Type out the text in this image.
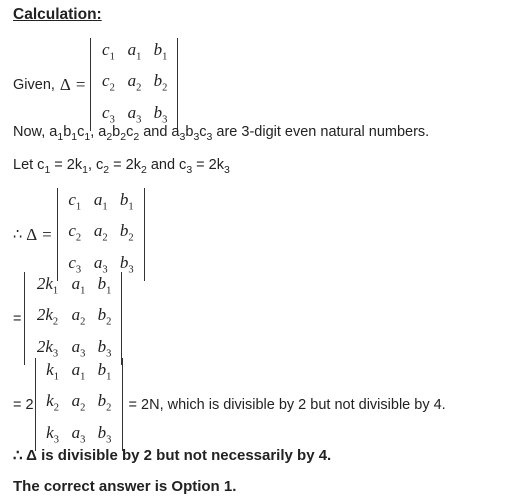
Calculation:
Given, Δ =
$c_1$ $a_1$ $b_1$
$c_2$ $a_2$ $b_2$
$c_3$ $a_3$ $b_3$
Now, $a_1b_1c_1$, $a_2b_2c_2$ and $a_3b_3c_3$ are 3-digit even natural numbers.
Let $c_1 = 2k_1$, $c_2 = 2k_2$ and $c_3 = 2k_3$
∴ Δ =
$c_1$ $a_1$ $b_1$
$c_2$ $a_2$ $b_2$
$c_3$ $a_3$ $b_3$
=
$2k_1$ $a_1$ $b_1$
$2k_2$ $a_2$ $b_2$
$2k_3$ $a_3$ $b_3$
= 2
$k_1$ $a_1$ $b_1$
$k_2$ $a_2$ $b_2$
$k_3$ $a_3$ $b_3$
= 2N, which is divisible by 2 but not divisible by 4.
∴ Δ is divisible by 2 but not necessarily by 4.
The correct answer is Option 1.
